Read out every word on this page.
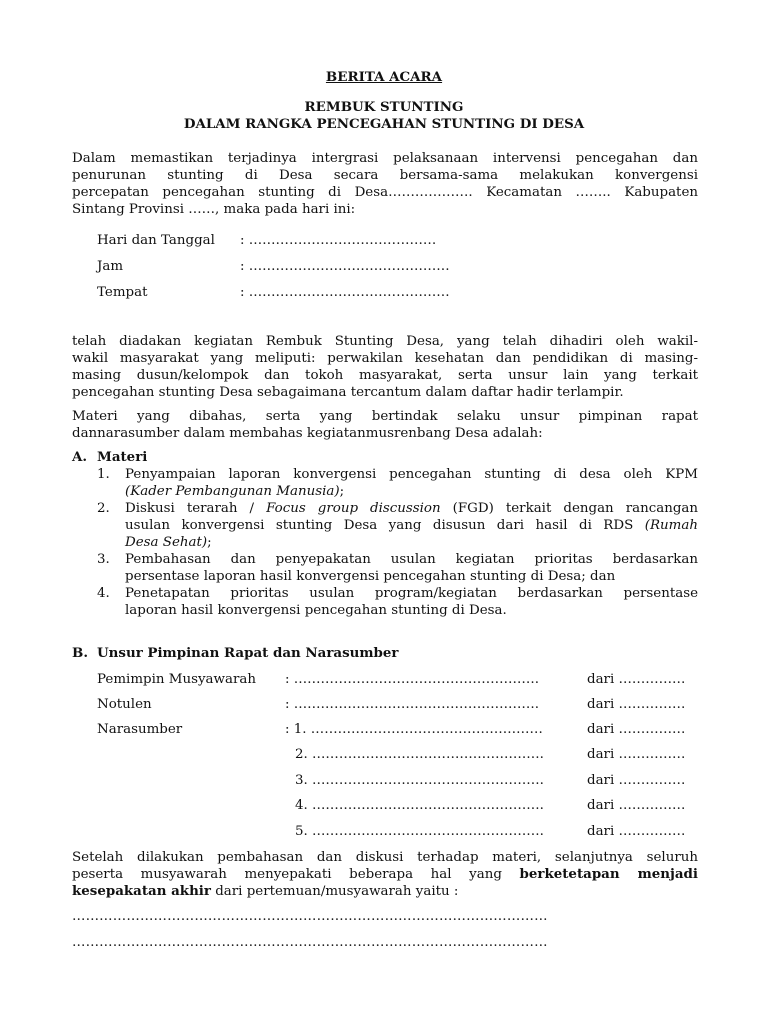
BERITA ACARA
REMBUK STUNTING
DALAM RANGKA PENCEGAHAN STUNTING DI DESA
Dalam memastikan terjadinya intergrasi pelaksanaan intervensi pencegahan dan
penurunan stunting di Desa secara bersama-sama melakukan konvergensi
percepatan pencegahan stunting di Desa………………. Kecamatan …….. Kabupaten
Sintang Provinsi ……, maka pada hari ini:
Hari dan Tanggal : ……………………………………
Jam	: ………………………………………
Tempat	: ………………………………………
telah diadakan kegiatan Rembuk Stunting Desa, yang telah dihadiri oleh wakil-
wakil masyarakat yang meliputi: perwakilan kesehatan dan pendidikan di masing-
masing dusun/kelompok dan tokoh masyarakat, serta unsur lain yang terkait
pencegahan stunting Desa sebagaimana tercantum dalam daftar hadir terlampir.
Materi yang dibahas, serta yang bertindak selaku unsur pimpinan rapat
dannarasumber dalam membahas kegiatanmusrenbang Desa adalah:
A. Materi
1. Penyampaian laporan konvergensi pencegahan stunting di desa oleh KPM
(Kader Pembangunan Manusia);
2. Diskusi terarah / Focus group discussion (FGD) terkait dengan rancangan
usulan konvergensi stunting Desa yang disusun dari hasil di RDS (Rumah
Desa Sehat);
3. Pembahasan dan penyepakatan usulan kegiatan prioritas berdasarkan
persentase laporan hasil konvergensi pencegahan stunting di Desa; dan
4. Penetapatan prioritas usulan program/kegiatan berdasarkan persentase
laporan hasil konvergensi pencegahan stunting di Desa.
B. Unsur Pimpinan Rapat dan Narasumber
Pemimpin Musyawarah : ……………………………………………….	dari ……………
Notulen	: ……………………………………………….	dari ……………
Narasumber	: 1. …………………………………………….	dari ……………
2. …………………………………………….	dari ……………
3. …………………………………………….	dari ……………
4. …………………………………………….	dari ……………
5. …………………………………………….	dari ……………
Setelah dilakukan pembahasan dan diskusi terhadap materi, selanjutnya seluruh
peserta musyawarah menyepakati beberapa hal yang berketetapan menjadi
kesepakatan akhir dari pertemuan/musyawarah yaitu :
……………………………………………………………………………………………
……………………………………………………………………………………………
